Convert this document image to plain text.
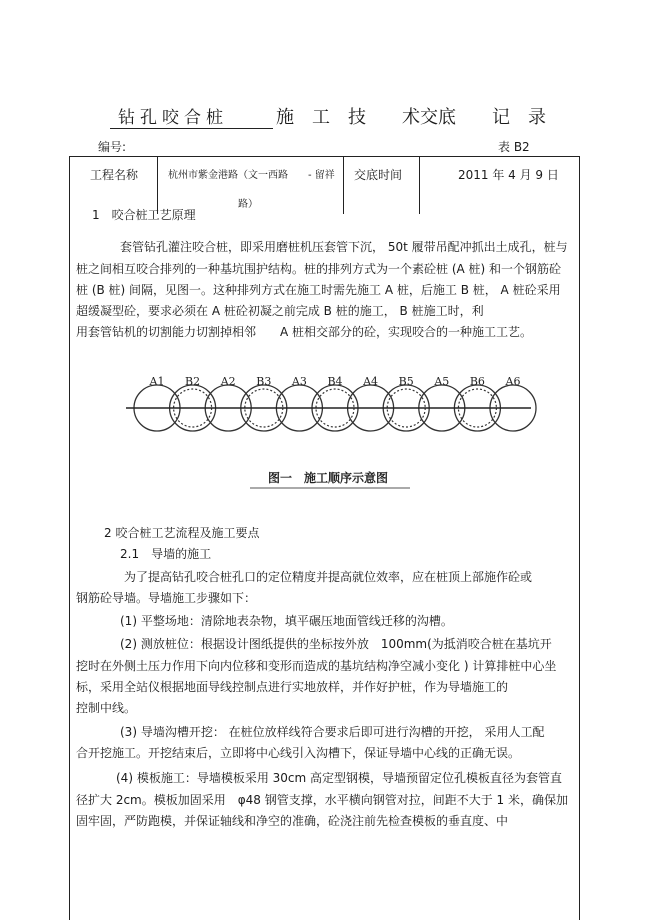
钻孔咬合桩	施　工　技　　术交底　　记　录
编号:	表 B2
工程名称	杭州市紫金港路（文一西路　　- 留祥
路）
交底时间	2011 年 4 月 9 日
1　咬合桩工艺原理
套管钻孔灌注咬合桩，即采用磨桩机压套管下沉， 50t 履带吊配冲抓出土成孔，桩与
桩之间相互咬合排列的一种基坑围护结构。桩的排列方式为一个素砼桩 (A 桩) 和一个钢筋砼
桩 (B 桩) 间隔，见图一。这种排列方式在施工时需先施工 A 桩，后施工 B 桩， A 桩砼采用
超缓凝型砼，要求必须在 A 桩砼初凝之前完成 B 桩的施工， B 桩施工时，利
用套管钻机的切割能力切割掉相邻　　A 桩相交部分的砼，实现咬合的一种施工工艺。
A1 B2 A2 B3 A3 B4 A4 B5 A5 B6 A6
图一　施工顺序示意图
2 咬合桩工艺流程及施工要点
2.1　导墙的施工
为了提高钻孔咬合桩孔口的定位精度并提高就位效率，应在桩顶上部施作砼或
钢筋砼导墙。导墙施工步骤如下：
(1) 平整场地：清除地表杂物，填平碾压地面管线迁移的沟槽。
(2) 测放桩位：根据设计图纸提供的坐标按外放　100mm(为抵消咬合桩在基坑开
挖时在外侧土压力作用下向内位移和变形而造成的基坑结构净空减小变化 ) 计算排桩中心坐
标，采用全站仪根据地面导线控制点进行实地放样，并作好护桩，作为导墙施工的
控制中线。
(3) 导墙沟槽开挖： 在桩位放样线符合要求后即可进行沟槽的开挖， 采用人工配
合开挖施工。开挖结束后，立即将中心线引入沟槽下，保证导墙中心线的正确无误。
(4) 模板施工：导墙模板采用 30cm 高定型钢模，导墙预留定位孔模板直径为套管直
径扩大 2cm。模板加固采用　φ48 钢管支撑，水平横向钢管对拉，间距不大于 1 米，确保加
固牢固，严防跑模，并保证轴线和净空的准确，砼浇注前先检查模板的垂直度、中
